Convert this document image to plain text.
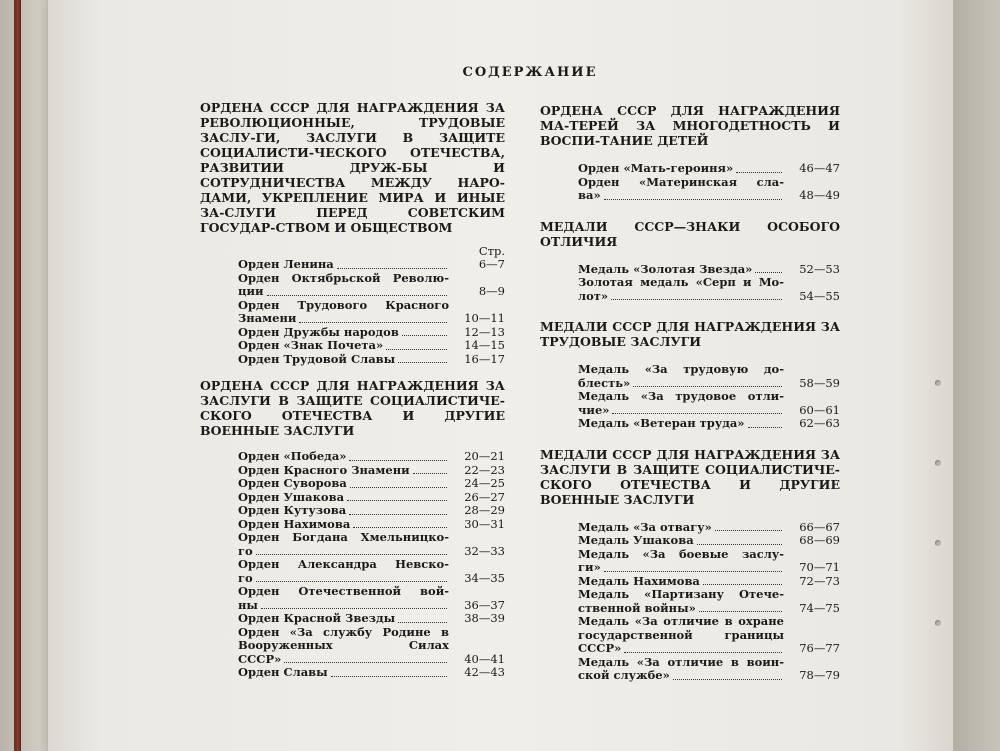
СОДЕРЖАНИЕ
ОРДЕНА СССР ДЛЯ НАГРАЖДЕНИЯ ЗА РЕВОЛЮЦИОННЫЕ, ТРУДОВЫЕ ЗАСЛУ-ГИ, ЗАСЛУГИ В ЗАЩИТЕ СОЦИАЛИСТИ-ЧЕСКОГО ОТЕЧЕСТВА, РАЗВИТИИ ДРУЖ-БЫ И СОТРУДНИЧЕСТВА МЕЖДУ НАРО-ДАМИ, УКРЕПЛЕНИЕ МИРА И ИНЫЕ ЗА-СЛУГИ ПЕРЕД СОВЕТСКИМ ГОСУДАР-СТВОМ И ОБЩЕСТВОМ
Стр.
Орден Ленина	6—7
Орден Октябрьской Револю-
ции	8—9
Орден Трудового Красного
Знамени	10—11
Орден Дружбы народов	12—13
Орден «Знак Почета»	14—15
Орден Трудовой Славы	16—17
ОРДЕНА СССР ДЛЯ НАГРАЖДЕНИЯ ЗА ЗАСЛУГИ В ЗАЩИТЕ СОЦИАЛИСТИЧЕ-СКОГО ОТЕЧЕСТВА И ДРУГИЕ ВОЕННЫЕ ЗАСЛУГИ
Орден «Победа»	20—21
Орден Красного Знамени	22—23
Орден Суворова	24—25
Орден Ушакова	26—27
Орден Кутузова	28—29
Орден Нахимова	30—31
Орден Богдана Хмельницко-
го	32—33
Орден Александра Невско-
го	34—35
Орден Отечественной вой-
ны	36—37
Орден Красной Звезды	38—39
Орден «За службу Родине в Вооруженных Силах
СССР»	40—41
Орден Славы	42—43
ОРДЕНА СССР ДЛЯ НАГРАЖДЕНИЯ МА-ТЕРЕЙ ЗА МНОГОДЕТНОСТЬ И ВОСПИ-ТАНИЕ ДЕТЕЙ
Орден «Мать-героиня»	46—47
Орден «Материнская сла-
ва»	48—49
МЕДАЛИ СССР—ЗНАКИ ОСОБОГО ОТЛИЧИЯ
Медаль «Золотая Звезда»	52—53
Золотая медаль «Серп и Мо-
лот»	54—55
МЕДАЛИ СССР ДЛЯ НАГРАЖДЕНИЯ ЗА ТРУДОВЫЕ ЗАСЛУГИ
Медаль «За трудовую до-
блесть»	58—59
Медаль «За трудовое отли-
чие»	60—61
Медаль «Ветеран труда»	62—63
МЕДАЛИ СССР ДЛЯ НАГРАЖДЕНИЯ ЗА ЗАСЛУГИ В ЗАЩИТЕ СОЦИАЛИСТИЧЕ-СКОГО ОТЕЧЕСТВА И ДРУГИЕ ВОЕННЫЕ ЗАСЛУГИ
Медаль «За отвагу»	66—67
Медаль Ушакова	68—69
Медаль «За боевые заслу-
ги»	70—71
Медаль Нахимова	72—73
Медаль «Партизану Отече-
ственной войны»	74—75
Медаль «За отличие в охране государственной границы
СССР»	76—77
Медаль «За отличие в воин-
ской службе»	78—79
